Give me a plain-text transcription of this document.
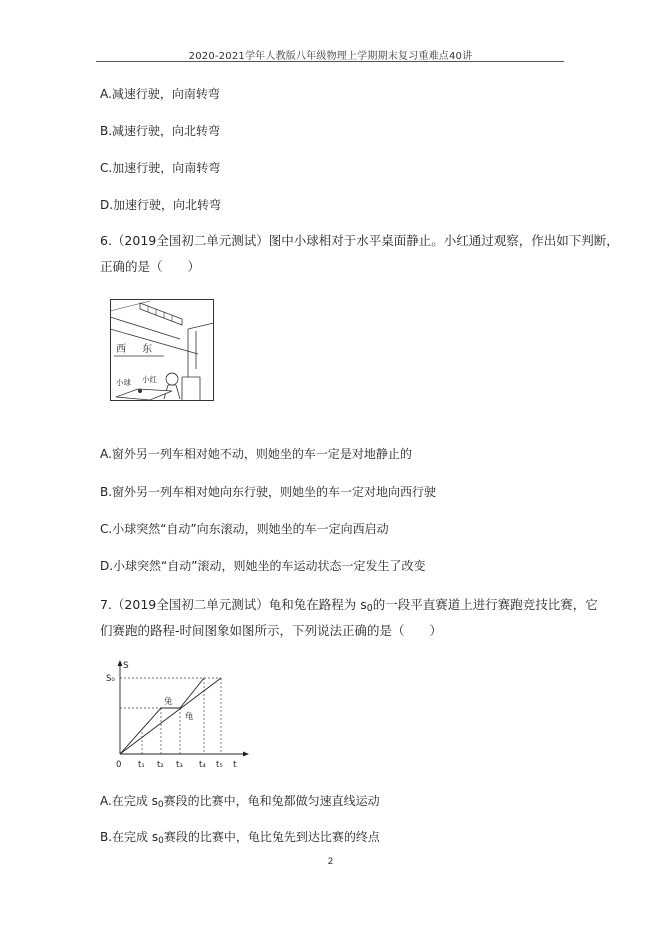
2020-2021学年人教版八年级物理上学期期末复习重难点40讲
A.减速行驶，向南转弯
B.减速行驶，向北转弯
C.加速行驶，向南转弯
D.加速行驶，向北转弯
6.（2019全国初二单元测试）图中小球相对于水平桌面静止。小红通过观察，作出如下判断，
正确的是（　　）
西 东
小球 小红
A.窗外另一列车相对她不动，则她坐的车一定是对地静止的
B.窗外另一列车相对她向东行驶，则她坐的车一定对地向西行驶
C.小球突然“自动”向东滚动，则她坐的车一定向西启动
D.小球突然“自动”滚动，则她坐的车运动状态一定发生了改变
7.（2019全国初二单元测试）龟和兔在路程为 $s_0$的一段平直赛道上进行赛跑竞技比赛，它
们赛跑的路程-时间图象如图所示，下列说法正确的是（　　）
S
S₀
兔
龟
0 t₁ t₂ t₃ t₄ t₅ t
A.在完成 $s_0$赛段的比赛中，龟和兔都做匀速直线运动
B.在完成 $s_0$赛段的比赛中，龟比兔先到达比赛的终点
2
